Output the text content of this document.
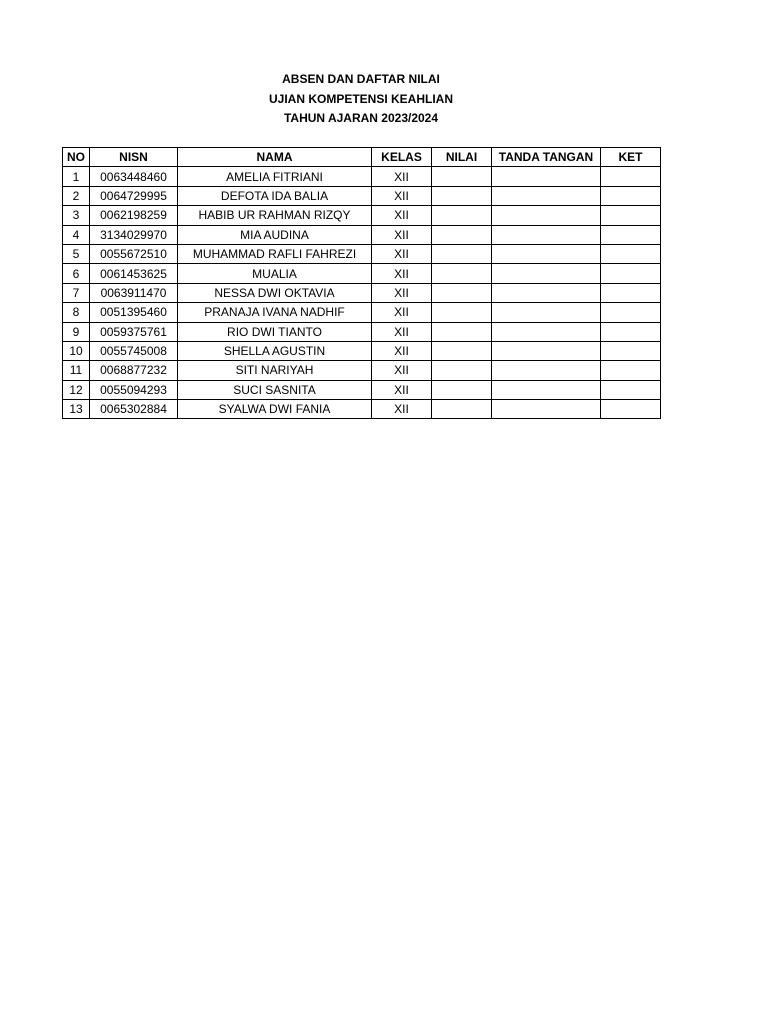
ABSEN DAN DAFTAR NILAI
UJIAN KOMPETENSI KEAHLIAN
TAHUN AJARAN 2023/2024
NO	NISN	NAMA	KELAS	NILAI	TANDA TANGAN	KET
1	0063448460	AMELIA FITRIANI	XII			
2	0064729995	DEFOTA IDA BALIA	XII			
3	0062198259	HABIB UR RAHMAN RIZQY	XII			
4	3134029970	MIA AUDINA	XII			
5	0055672510	MUHAMMAD RAFLI FAHREZI	XII			
6	0061453625	MUALIA	XII			
7	0063911470	NESSA DWI OKTAVIA	XII			
8	0051395460	PRANAJA IVANA NADHIF	XII			
9	0059375761	RIO DWI TIANTO	XII			
10	0055745008	SHELLA AGUSTIN	XII			
11	0068877232	SITI NARIYAH	XII			
12	0055094293	SUCI SASNITA	XII			
13	0065302884	SYALWA DWI FANIA	XII			
